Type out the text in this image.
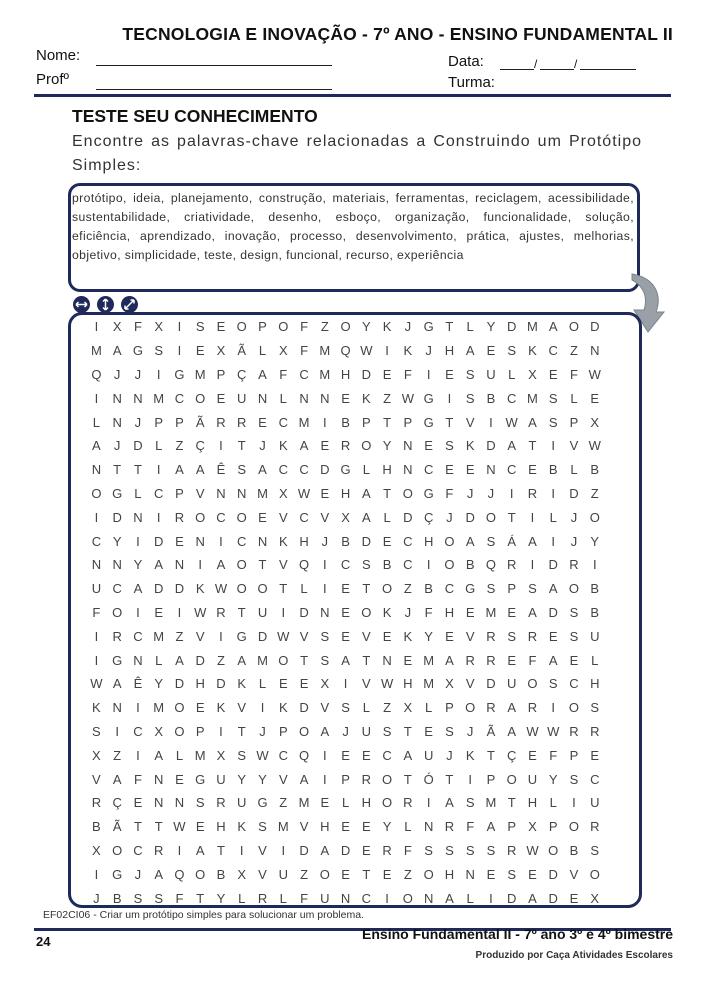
TECNOLOGIA E INOVAÇÃO - 7º ANO - ENSINO FUNDAMENTAL II
Nome:
Profº
Data:	/	/
Turma:
TESTE SEU CONHECIMENTO
Encontre as palavras-chave relacionadas a Construindo um Protótipo Simples:
protótipo, ideia, planejamento, construção, materiais, ferramentas, reciclagem, acessibilidade, sustentabilidade, criatividade, desenho, esboço, organização, funcionalidade, solução, eficiência, aprendizado, inovação, processo, desenvolvimento, prática, ajustes, melhorias, objetivo, simplicidade, teste, design, funcional, recurso, experiência
I	X F X	I	S E O P O F Z O Y K	J G T	L Y D M A O D
M A G S	I	E X Ã L X F M Q W I	K	J H A E S K C Z N
Q J	J	I	G M P Ç A F C M H D E F	I	E S U L X E F W
I	N N M C O E U N L N N E K Z W G	I	S B C M S L E
L N J	P P Ã R R E C M	I	B P T P G T V	I W A S P X
A	J D L	Z Ç	I	T	J	K A E R O Y N E S K D A T	I	V W
N T T	I	A A Ê S A C C D G L H N C E E N C E B L B
O G L C P V N N M X W E H A T O G F	J	J	I	R	I	D Z
I	D N	I	R O C O E V C V X A L D Ç J D O T	I	L	J O
C Y	I	D E N	I	C N K H J	B D E C H O A S Á A	I	J	Y
N N Y A N	I	A O T V Q	I	C S B C	I	O B Q R	I	D R	I
U C A D D K W O O T	L	I	E T O Z B C G S P S A O B
F O	I	E	I W R T U	I	D N E O K	J	F H E M E A D S B
I	R C M Z V	I	G D W V S E V E K Y E V R S R E S U
I	G N L A D Z A M O T S A T N E M A R R E F A E L
W A Ê Y D H D K L E E X	I	V W H M X V D U O S C H
K N	I	M O E K V	I	K D V S L	Z X L P O R A R	I	O S
S	I	C X O P	I	T	J	P O A	J U S T E S	J	Ã A W W R R
X Z	I	A L M X S W C Q	I	E E C A U J	K T Ç E F P E
V A F N E G U Y Y V A	I	P R O T Ó T	I	P O U Y S C
R Ç E N N S R U G Z M E L H O R	I	A S M T H L	I	U
B Ã T T W E H K S M V H E E Y L N R F A P X P O R
X O C R	I	A T	I	V	I	D A D E R F S S S S R W O B S
I	G J	A Q O B X V U Z O E T E Z O H N E S E D V O
J	B S S F T Y L R L	F U N C	I	O N A L	I	D A D E X
EF02CI06 - Criar um protótipo simples para solucionar um problema.
24	Ensino Fundamental II - 7º ano 3º e 4º bimestre
Produzido por Caça Atividades Escolares
